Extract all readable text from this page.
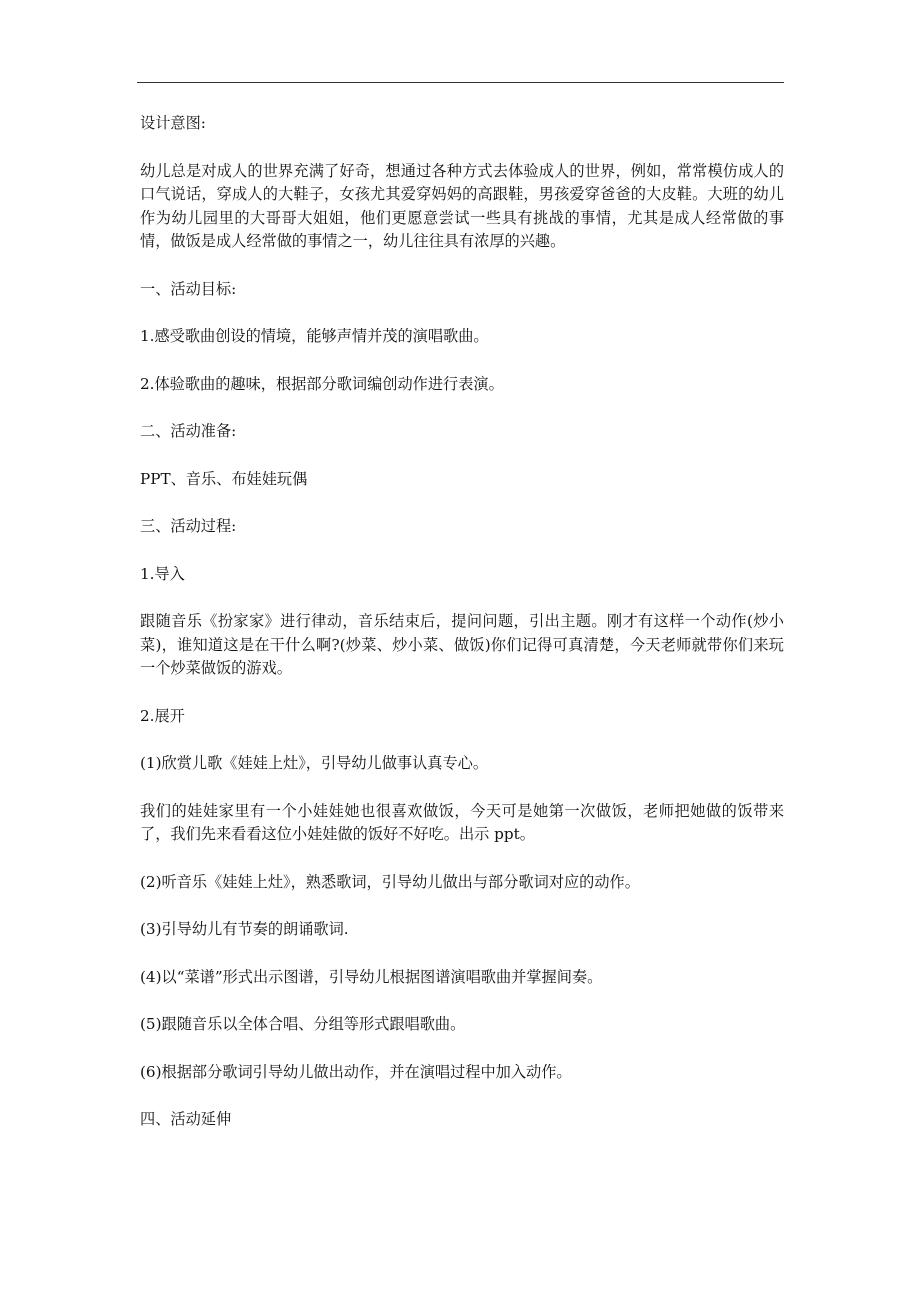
设计意图:

幼儿总是对成人的世界充满了好奇，想通过各种方式去体验成人的世界，例如，常常模仿成人的口气说话，穿成人的大鞋子，女孩尤其爱穿妈妈的高跟鞋，男孩爱穿爸爸的大皮鞋。大班的幼儿作为幼儿园里的大哥哥大姐姐，他们更愿意尝试一些具有挑战的事情，尤其是成人经常做的事情，做饭是成人经常做的事情之一，幼儿往往具有浓厚的兴趣。

一、活动目标:

1.感受歌曲创设的情境，能够声情并茂的演唱歌曲。

2.体验歌曲的趣味，根据部分歌词编创动作进行表演。

二、活动准备:

PPT、音乐、布娃娃玩偶

三、活动过程:

1.导入

跟随音乐《扮家家》进行律动，音乐结束后，提问问题，引出主题。刚才有这样一个动作(炒小菜)，谁知道这是在干什么啊?(炒菜、炒小菜、做饭)你们记得可真清楚，今天老师就带你们来玩一个炒菜做饭的游戏。

2.展开

(1)欣赏儿歌《娃娃上灶》，引导幼儿做事认真专心。

我们的娃娃家里有一个小娃娃她也很喜欢做饭，今天可是她第一次做饭，老师把她做的饭带来了，我们先来看看这位小娃娃做的饭好不好吃。出示 ppt。

(2)听音乐《娃娃上灶》，熟悉歌词，引导幼儿做出与部分歌词对应的动作。

(3)引导幼儿有节奏的朗诵歌词.

(4)以“菜谱”形式出示图谱，引导幼儿根据图谱演唱歌曲并掌握间奏。

(5)跟随音乐以全体合唱、分组等形式跟唱歌曲。

(6)根据部分歌词引导幼儿做出动作，并在演唱过程中加入动作。

四、活动延伸
